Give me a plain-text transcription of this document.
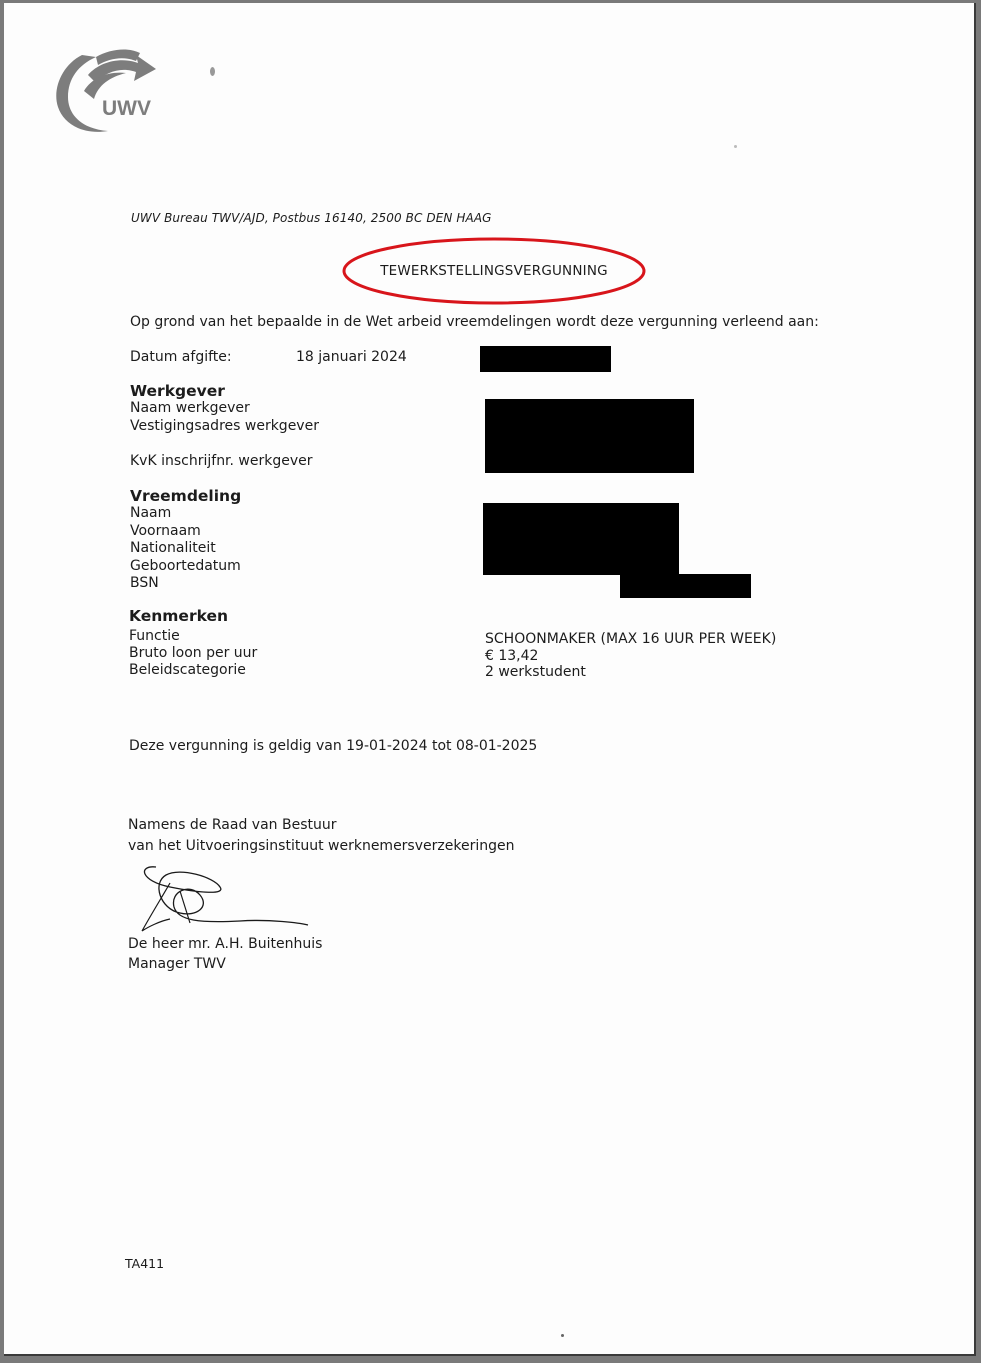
UWV
UWV Bureau TWV/AJD, Postbus 16140, 2500 BC DEN HAAG
TEWERKSTELLINGSVERGUNNING
Op grond van het bepaalde in de Wet arbeid vreemdelingen wordt deze vergunning verleend aan:
Datum afgifte:	18 januari 2024
Werkgever
Naam werkgever
Vestigingsadres werkgever
KvK inschrijfnr. werkgever
Vreemdeling
Naam
Voornaam
Nationaliteit
Geboortedatum
BSN
Kenmerken
Functie
Bruto loon per uur
Beleidscategorie
SCHOONMAKER (MAX 16 UUR PER WEEK)
€ 13,42
2 werkstudent
Deze vergunning is geldig van 19-01-2024 tot 08-01-2025
Namens de Raad van Bestuur
van het Uitvoeringsinstituut werknemersverzekeringen
De heer mr. A.H. Buitenhuis
Manager TWV
TA411
